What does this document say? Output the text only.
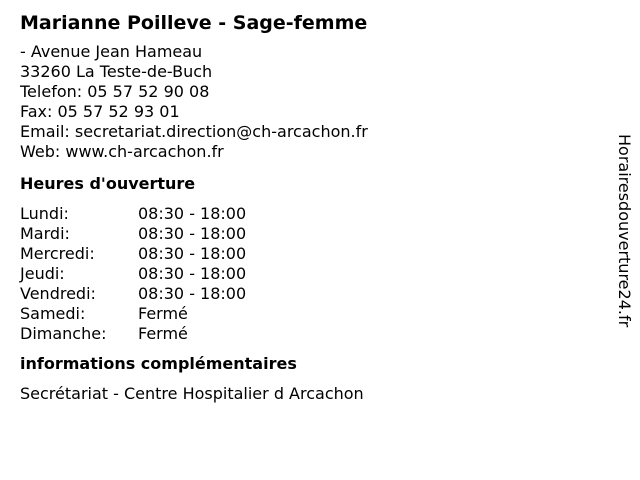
Marianne Poilleve - Sage-femme
- Avenue Jean Hameau
33260 La Teste-de-Buch
Telefon: 05 57 52 90 08
Fax: 05 57 52 93 01
Email: secretariat.direction@ch-arcachon.fr
Web: www.ch-arcachon.fr
Heures d'ouverture
Lundi:	08:30 - 18:00
Mardi:	08:30 - 18:00
Mercredi:	08:30 - 18:00
Jeudi:	08:30 - 18:00
Vendredi:	08:30 - 18:00
Samedi:	Fermé
Dimanche: Fermé
informations complémentaires
Secrétariat - Centre Hospitalier d Arcachon
Horairesdouverture24.fr
